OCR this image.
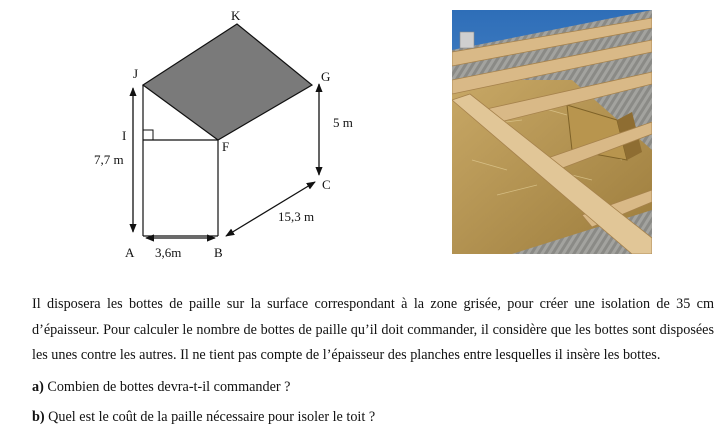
K
J	G
I
F
C
A	B
7,7 m
5 m
15,3 m
3,6m

Il disposera les bottes de paille sur la surface correspondant à la zone grisée, pour créer une isolation de 35 cm d’épaisseur. Pour calculer le nombre de bottes de paille qu’il doit commander, il considère que les bottes sont disposées les unes contre les autres. Il ne tient pas compte de l’épaisseur des planches entre lesquelles il insère les bottes.

a) Combien de bottes devra-t-il commander ?

b) Quel est le coût de la paille nécessaire pour isoler le toit ?
